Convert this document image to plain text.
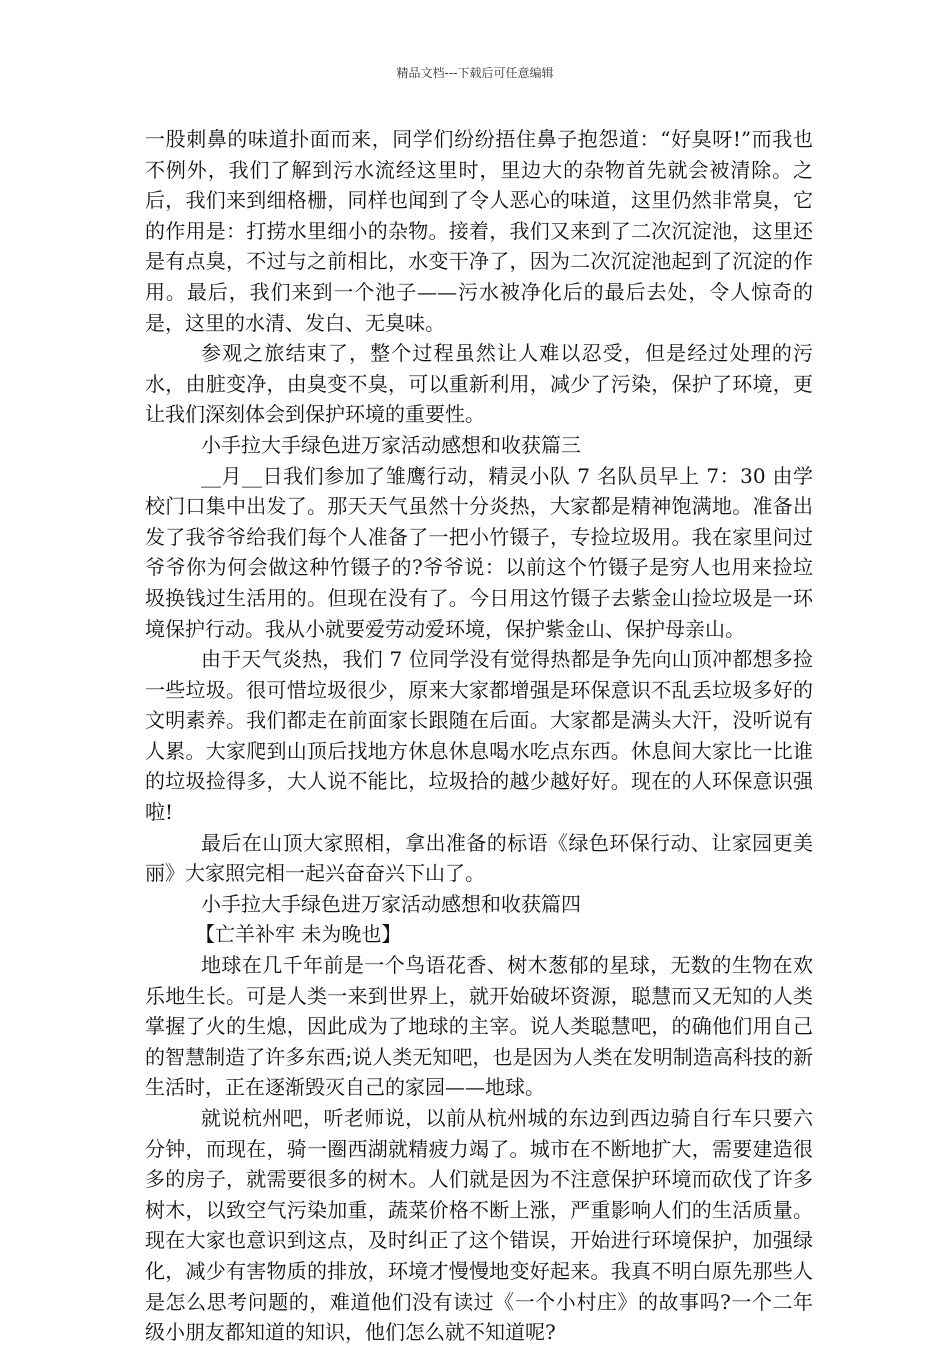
精品文档---下载后可任意编辑

一股刺鼻的味道扑面而来，同学们纷纷捂住鼻子抱怨道：“好臭呀!”而我也不例外，我们了解到污水流经这里时，里边大的杂物首先就会被清除。之后，我们来到细格栅，同样也闻到了令人恶心的味道，这里仍然非常臭，它的作用是：打捞水里细小的杂物。接着，我们又来到了二次沉淀池，这里还是有点臭，不过与之前相比，水变干净了，因为二次沉淀池起到了沉淀的作用。最后，我们来到一个池子——污水被净化后的最后去处，令人惊奇的是，这里的水清、发白、无臭味。

参观之旅结束了，整个过程虽然让人难以忍受，但是经过处理的污水，由脏变净，由臭变不臭，可以重新利用，减少了污染，保护了环境，更让我们深刻体会到保护环境的重要性。

小手拉大手绿色进万家活动感想和收获篇三

__月__日我们参加了雏鹰行动，精灵小队 7 名队员早上 7：30 由学校门口集中出发了。那天天气虽然十分炎热，大家都是精神饱满地。准备出发了我爷爷给我们每个人准备了一把小竹镊子，专捡垃圾用。我在家里问过爷爷你为何会做这种竹镊子的?爷爷说：以前这个竹镊子是穷人也用来捡垃圾换钱过生活用的。但现在没有了。今日用这竹镊子去紫金山捡垃圾是一环境保护行动。我从小就要爱劳动爱环境，保护紫金山、保护母亲山。

由于天气炎热，我们 7 位同学没有觉得热都是争先向山顶冲都想多捡一些垃圾。很可惜垃圾很少，原来大家都增强是环保意识不乱丢垃圾多好的文明素养。我们都走在前面家长跟随在后面。大家都是满头大汗，没听说有人累。大家爬到山顶后找地方休息休息喝水吃点东西。休息间大家比一比谁的垃圾捡得多，大人说不能比，垃圾拾的越少越好好。现在的人环保意识强啦!

最后在山顶大家照相，拿出准备的标语《绿色环保行动、让家园更美丽》大家照完相一起兴奋奋兴下山了。

小手拉大手绿色进万家活动感想和收获篇四

【亡羊补牢 未为晚也】

地球在几千年前是一个鸟语花香、树木葱郁的星球，无数的生物在欢乐地生长。可是人类一来到世界上，就开始破坏资源，聪慧而又无知的人类掌握了火的生熄，因此成为了地球的主宰。说人类聪慧吧，的确他们用自己的智慧制造了许多东西;说人类无知吧，也是因为人类在发明制造高科技的新生活时，正在逐渐毁灭自己的家园——地球。

就说杭州吧，听老师说，以前从杭州城的东边到西边骑自行车只要六分钟，而现在，骑一圈西湖就精疲力竭了。城市在不断地扩大，需要建造很多的房子，就需要很多的树木。人们就是因为不注意保护环境而砍伐了许多树木，以致空气污染加重，蔬菜价格不断上涨，严重影响人们的生活质量。现在大家也意识到这点，及时纠正了这个错误，开始进行环境保护，加强绿化，减少有害物质的排放，环境才慢慢地变好起来。我真不明白原先那些人是怎么思考问题的，难道他们没有读过《一个小村庄》的故事吗?一个二年级小朋友都知道的知识，他们怎么就不知道呢?
